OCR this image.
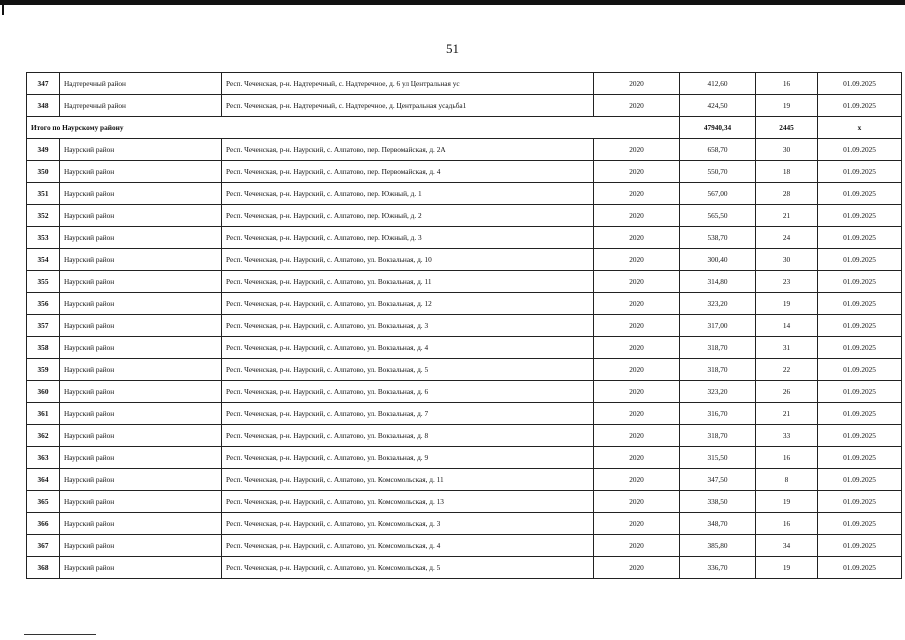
51
347	Надтеречный район	Респ. Чеченская, р-н. Надтеречный, с. Надтеречное, д. 6 ул Центральная ус	2020	412,60	16	01.09.2025
348	Надтеречный район	Респ. Чеченская, р-н. Надтеречный, с. Надтеречное, д. Центральная усадьба1	2020	424,50	19	01.09.2025
Итого по Наурскому району				47940,34	2445	x
349	Наурский район	Респ. Чеченская, р-н. Наурский, с. Алпатово, пер. Первомайская, д. 2А	2020	658,70	30	01.09.2025
350	Наурский район	Респ. Чеченская, р-н. Наурский, с. Алпатово, пер. Первомайская, д. 4	2020	550,70	18	01.09.2025
351	Наурский район	Респ. Чеченская, р-н. Наурский, с. Алпатово, пер. Южный, д. 1	2020	567,00	28	01.09.2025
352	Наурский район	Респ. Чеченская, р-н. Наурский, с. Алпатово, пер. Южный, д. 2	2020	565,50	21	01.09.2025
353	Наурский район	Респ. Чеченская, р-н. Наурский, с. Алпатово, пер. Южный, д. 3	2020	538,70	24	01.09.2025
354	Наурский район	Респ. Чеченская, р-н. Наурский, с. Алпатово, ул. Вокзальная, д. 10	2020	300,40	30	01.09.2025
355	Наурский район	Респ. Чеченская, р-н. Наурский, с. Алпатово, ул. Вокзальная, д. 11	2020	314,80	23	01.09.2025
356	Наурский район	Респ. Чеченская, р-н. Наурский, с. Алпатово, ул. Вокзальная, д. 12	2020	323,20	19	01.09.2025
357	Наурский район	Респ. Чеченская, р-н. Наурский, с. Алпатово, ул. Вокзальная, д. 3	2020	317,00	14	01.09.2025
358	Наурский район	Респ. Чеченская, р-н. Наурский, с. Алпатово, ул. Вокзальная, д. 4	2020	318,70	31	01.09.2025
359	Наурский район	Респ. Чеченская, р-н. Наурский, с. Алпатово, ул. Вокзальная, д. 5	2020	318,70	22	01.09.2025
360	Наурский район	Респ. Чеченская, р-н. Наурский, с. Алпатово, ул. Вокзальная, д. 6	2020	323,20	26	01.09.2025
361	Наурский район	Респ. Чеченская, р-н. Наурский, с. Алпатово, ул. Вокзальная, д. 7	2020	316,70	21	01.09.2025
362	Наурский район	Респ. Чеченская, р-н. Наурский, с. Алпатово, ул. Вокзальная, д. 8	2020	318,70	33	01.09.2025
363	Наурский район	Респ. Чеченская, р-н. Наурский, с. Алпатово, ул. Вокзальная, д. 9	2020	315,50	16	01.09.2025
364	Наурский район	Респ. Чеченская, р-н. Наурский, с. Алпатово, ул. Комсомольская, д. 11	2020	347,50	8	01.09.2025
365	Наурский район	Респ. Чеченская, р-н. Наурский, с. Алпатово, ул. Комсомольская, д. 13	2020	338,50	19	01.09.2025
366	Наурский район	Респ. Чеченская, р-н. Наурский, с. Алпатово, ул. Комсомольская, д. 3	2020	348,70	16	01.09.2025
367	Наурский район	Респ. Чеченская, р-н. Наурский, с. Алпатово, ул. Комсомольская, д. 4	2020	385,80	34	01.09.2025
368	Наурский район	Респ. Чеченская, р-н. Наурский, с. Алпатово, ул. Комсомольская, д. 5	2020	336,70	19	01.09.2025
